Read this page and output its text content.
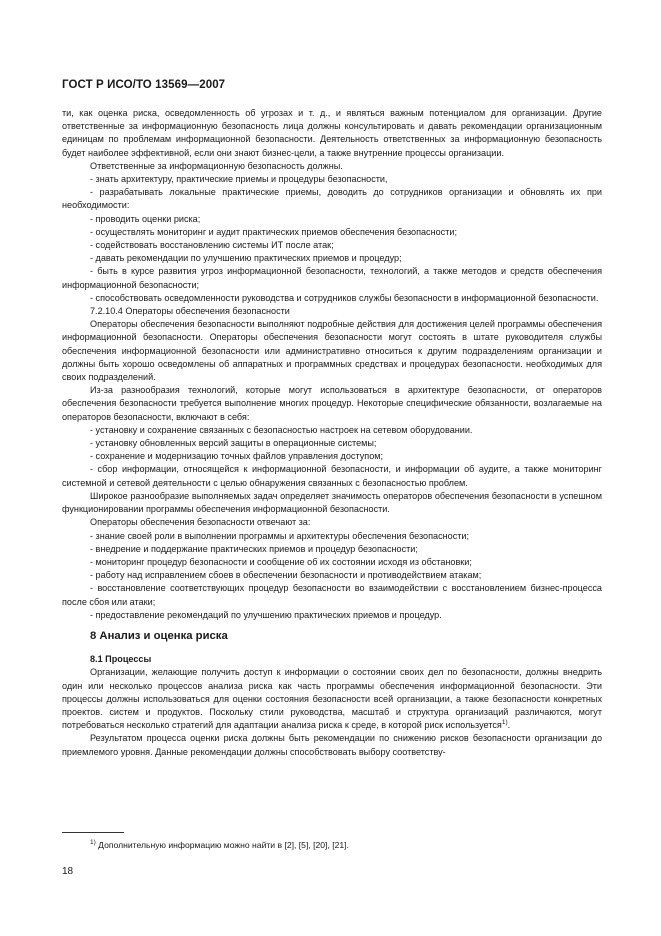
ГОСТ Р ИСО/ТО 13569—2007

ти, как оценка риска, осведомленность об угрозах и т. д., и являться важным потенциалом для организации. Другие ответственные за информационную безопасность лица должны консультировать и давать рекомендации организационным единицам по проблемам информационной безопасности. Деятельность ответственных за информационную безопасность будет наиболее эффективной, если они знают бизнес-цели, а также внутренние процессы организации.

Ответственные за информационную безопасность должны.

- знать архитектуру, практические приемы и процедуры безопасности,

- разрабатывать локальные практические приемы, доводить до сотрудников организации и обновлять их при необходимости:

- проводить оценки риска;

- осуществлять мониторинг и аудит практических приемов обеспечения безопасности;

- содействовать восстановлению системы ИТ после атак;

- давать рекомендации по улучшению практических приемов и процедур;

- быть в курсе развития угроз информационной безопасности, технологий, а также методов и средств обеспечения информационной безопасности;

- способствовать осведомленности руководства и сотрудников службы безопасности в информационной безопасности.

7.2.10.4 Операторы обеспечения безопасности

Операторы обеспечения безопасности выполняют подробные действия для достижения целей программы обеспечения информационной безопасности. Операторы обеспечения безопасности могут состоять в штате руководителя службы обеспечения информационной безопасности или административно относиться к другим подразделениям организации и должны быть хорошо осведомлены об аппаратных и программных средствах и процедурах безопасности. необходимых для своих подразделений.

Из-за разнообразия технологий, которые могут использоваться в архитектуре безопасности, от операторов обеспечения безопасности требуется выполнение многих процедур. Некоторые специфические обязанности, возлагаемые на операторов безопасности, включают в себя:

- установку и сохранение связанных с безопасностью настроек на сетевом оборудовании.

- установку обновленных версий защиты в операционные системы;

- сохранение и модернизацию точных файлов управления доступом;

- сбор информации, относящейся к информационной безопасности, и информации об аудите, а также мониторинг системной и сетевой деятельности с целью обнаружения связанных с безопасностью проблем.

Широкое разнообразие выполняемых задач определяет значимость операторов обеспечения безопасности в успешном функционировании программы обеспечения информационной безопасности.

Операторы обеспечения безопасности отвечают за:

- знание своей роли в выполнении программы и архитектуры обеспечения безопасности;

- внедрение и поддержание практических приемов и процедур безопасности;

- мониторинг процедур безопасности и сообщение об их состоянии исходя из обстановки;

- работу над исправлением сбоев в обеспечении безопасности и противодействием атакам;

- восстановление соответствующих процедур безопасности во взаимодействии с восстановлением бизнес-процесса после сбоя или атаки;

- предоставление рекомендаций по улучшению практических приемов и процедур.

8 Анализ и оценка риска

8.1 Процессы

Организации, желающие получить доступ к информации о состоянии своих дел по безопасности, должны внедрить один или несколько процессов анализа риска как часть программы обеспечения информационной безопасности. Эти процессы должны использоваться для оценки состояния безопасности всей организации, а также безопасности конкретных проектов. систем и продуктов. Поскольку стили руководства, масштаб и структура организаций различаются, могут потребоваться несколько стратегий для адаптации анализа риска к среде, в которой риск используется$^{1)}$.

Результатом процесса оценки риска должны быть рекомендации по снижению рисков безопасности организации до приемлемого уровня. Данные рекомендации должны способствовать выбору соответству-

$^{1)}$ Дополнительную информацию можно найти в [2], [5], [20], [21].
18
